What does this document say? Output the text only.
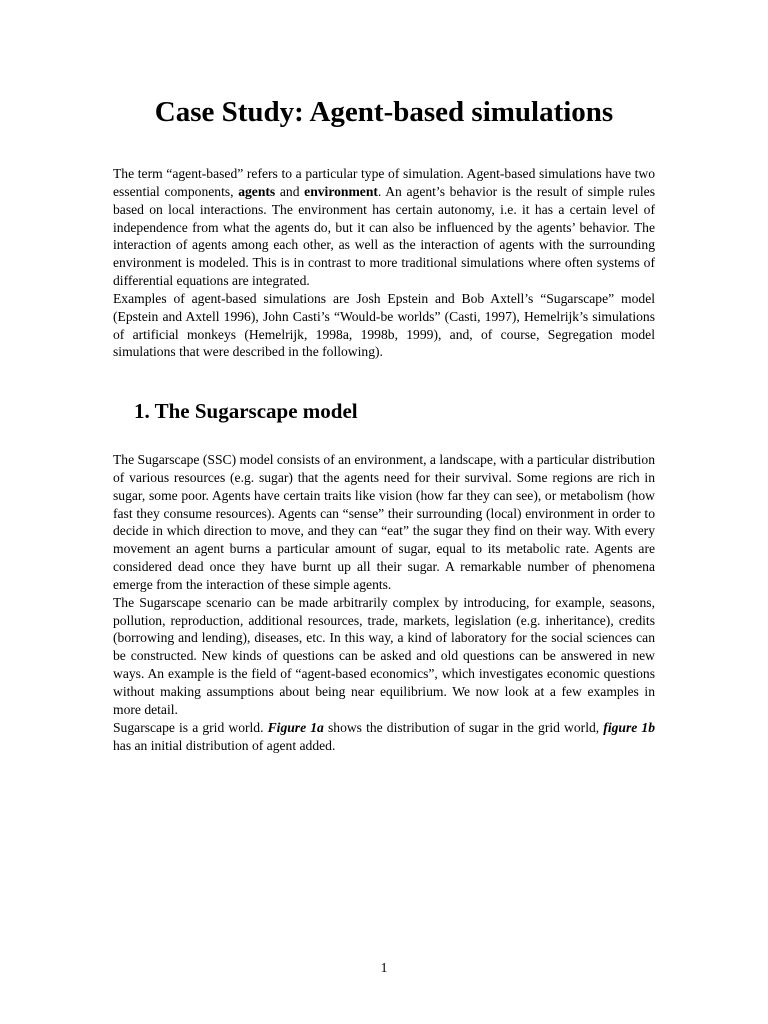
Case Study: Agent-based simulations

The term “agent-based” refers to a particular type of simulation. Agent-based simulations have two essential components, agents and environment. An agent’s behavior is the result of simple rules based on local interactions. The environment has certain autonomy, i.e. it has a certain level of independence from what the agents do, but it can also be influenced by the agents’ behavior. The interaction of agents among each other, as well as the interaction of agents with the surrounding environment is modeled. This is in contrast to more traditional simulations where often systems of differential equations are integrated.

Examples of agent-based simulations are Josh Epstein and Bob Axtell’s “Sugarscape” model (Epstein and Axtell 1996), John Casti’s “Would-be worlds” (Casti, 1997), Hemelrijk’s simulations of artificial monkeys (Hemelrijk, 1998a, 1998b, 1999), and, of course, Segregation model simulations that were described in the following).

1. The Sugarscape model

The Sugarscape (SSC) model consists of an environment, a landscape, with a particular distribution of various resources (e.g. sugar) that the agents need for their survival. Some regions are rich in sugar, some poor. Agents have certain traits like vision (how far they can see), or metabolism (how fast they consume resources). Agents can “sense” their surrounding (local) environment in order to decide in which direction to move, and they can “eat” the sugar they find on their way. With every movement an agent burns a particular amount of sugar, equal to its metabolic rate. Agents are considered dead once they have burnt up all their sugar. A remarkable number of phenomena emerge from the interaction of these simple agents.

The Sugarscape scenario can be made arbitrarily complex by introducing, for example, seasons, pollution, reproduction, additional resources, trade, markets, legislation (e.g. inheritance), credits (borrowing and lending), diseases, etc. In this way, a kind of laboratory for the social sciences can be constructed. New kinds of questions can be asked and old questions can be answered in new ways. An example is the field of “agent-based economics”, which investigates economic questions without making assumptions about being near equilibrium. We now look at a few examples in more detail.

Sugarscape is a grid world. Figure 1a shows the distribution of sugar in the grid world, figure 1b has an initial distribution of agent added.

1
